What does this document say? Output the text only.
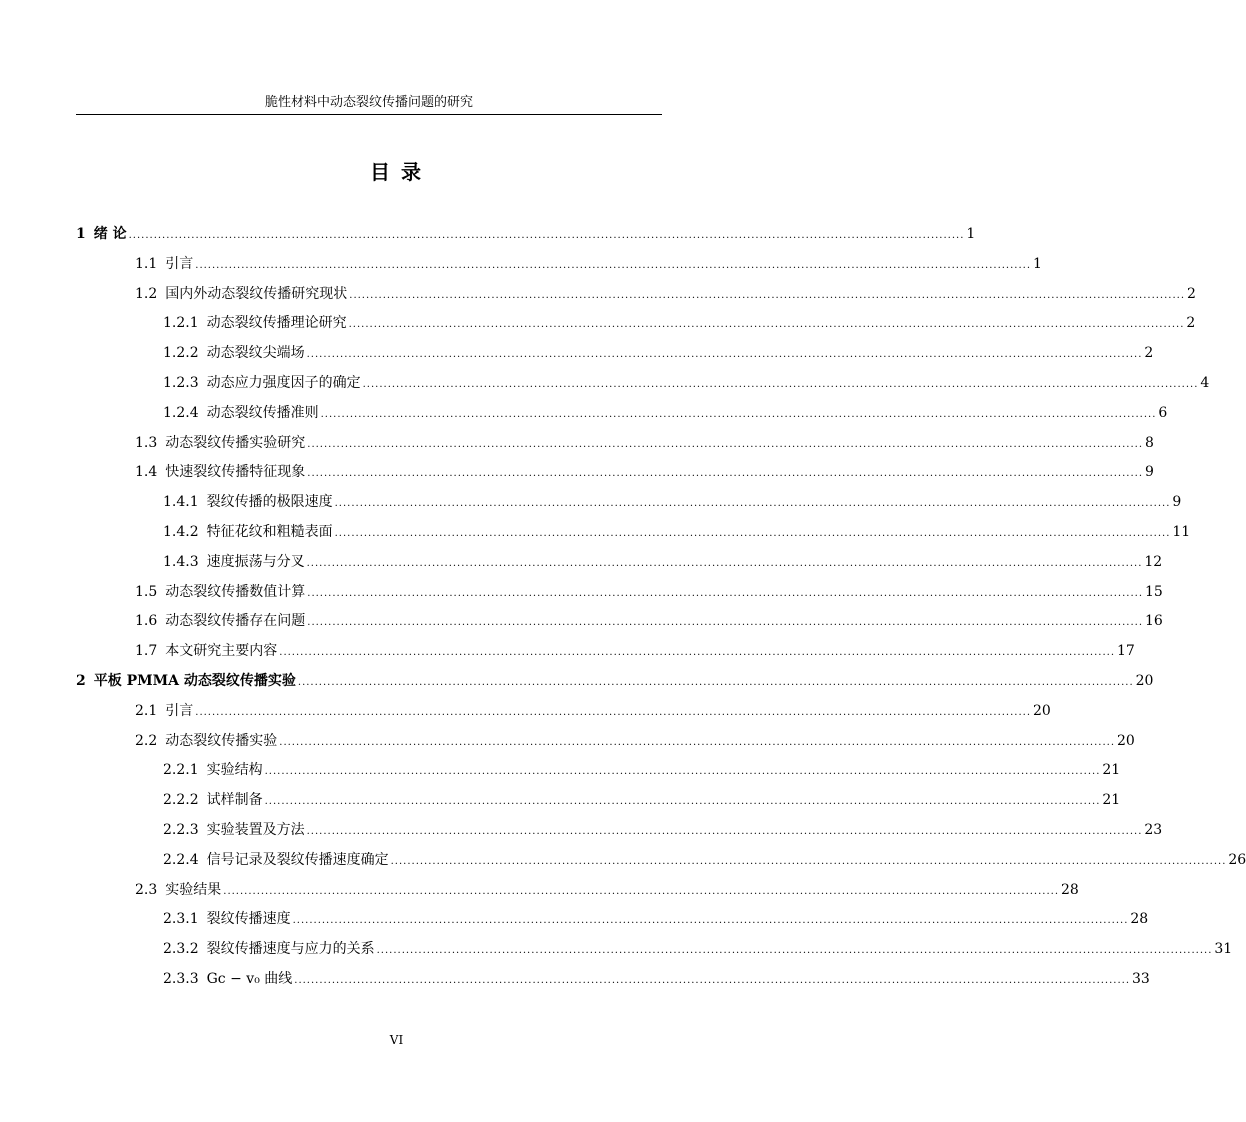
脆性材料中动态裂纹传播问题的研究
目 录
1 绪 论 ........................................................................................................................................................................................................ 1
1.1 引言 ........................................................................................................................................................................................................ 1
1.2 国内外动态裂纹传播研究现状 ........................................................................................................................................................................................................ 2
1.2.1 动态裂纹传播理论研究 ........................................................................................................................................................................................................ 2
1.2.2 动态裂纹尖端场 ........................................................................................................................................................................................................ 2
1.2.3 动态应力强度因子的确定 ........................................................................................................................................................................................................ 4
1.2.4 动态裂纹传播准则 ........................................................................................................................................................................................................ 6
1.3 动态裂纹传播实验研究 ........................................................................................................................................................................................................ 8
1.4 快速裂纹传播特征现象 ........................................................................................................................................................................................................ 9
1.4.1 裂纹传播的极限速度 ........................................................................................................................................................................................................ 9
1.4.2 特征花纹和粗糙表面 ........................................................................................................................................................................................................ 11
1.4.3 速度振荡与分叉 ........................................................................................................................................................................................................ 12
1.5 动态裂纹传播数值计算 ........................................................................................................................................................................................................ 15
1.6 动态裂纹传播存在问题 ........................................................................................................................................................................................................ 16
1.7 本文研究主要内容 ........................................................................................................................................................................................................ 17
2 平板 PMMA 动态裂纹传播实验 ........................................................................................................................................................................................................ 20
2.1 引言 ........................................................................................................................................................................................................ 20
2.2 动态裂纹传播实验 ........................................................................................................................................................................................................ 20
2.2.1 实验结构 ........................................................................................................................................................................................................ 21
2.2.2 试样制备 ........................................................................................................................................................................................................ 21
2.2.3 实验装置及方法 ........................................................................................................................................................................................................ 23
2.2.4 信号记录及裂纹传播速度确定 ........................................................................................................................................................................................................ 26
2.3 实验结果 ........................................................................................................................................................................................................ 28
2.3.1 裂纹传播速度 ........................................................................................................................................................................................................ 28
2.3.2 裂纹传播速度与应力的关系 ........................................................................................................................................................................................................ 31
2.3.3 Gc − v₀ 曲线 ........................................................................................................................................................................................................ 33
VI
